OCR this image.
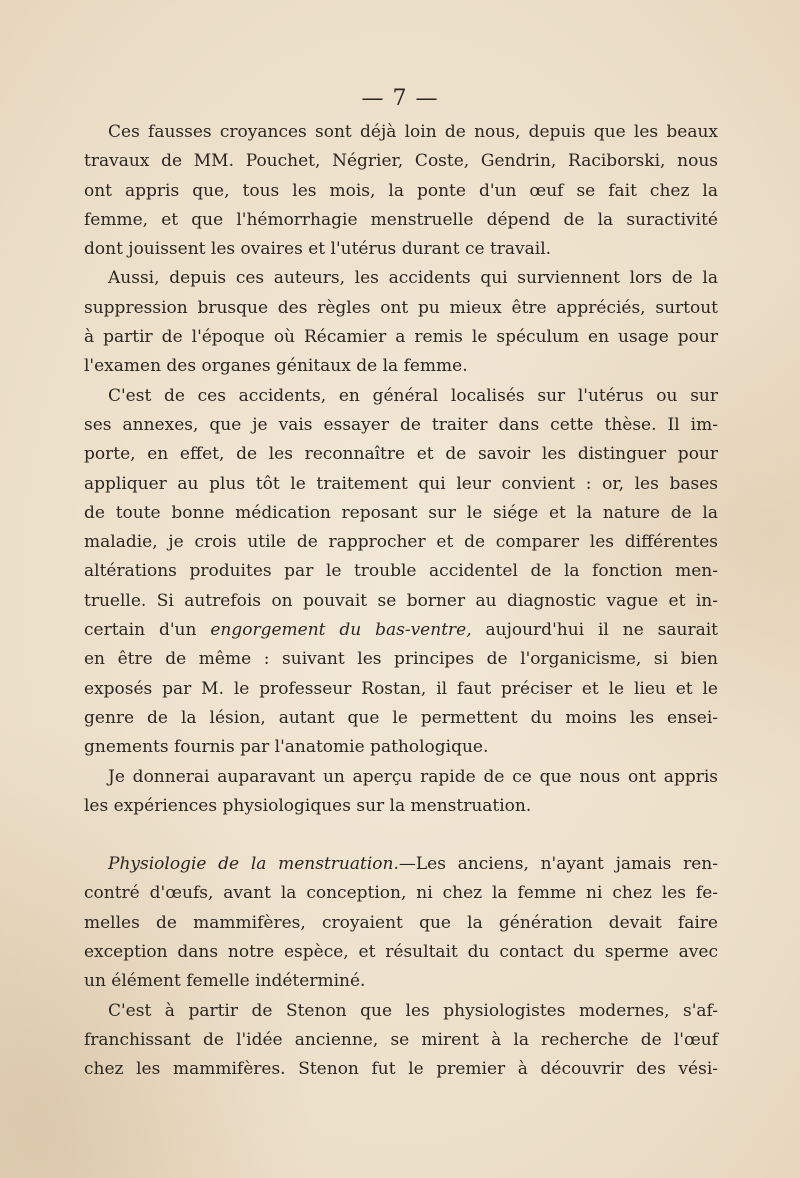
— 7 —

Ces fausses croyances sont déjà loin de nous, depuis que les beaux
travaux de MM. Pouchet, Négrier, Coste, Gendrin, Raciborski, nous
ont appris que, tous les mois, la ponte d'un œuf se fait chez la
femme, et que l'hémorrhagie menstruelle dépend de la suractivité
dont jouissent les ovaires et l'utérus durant ce travail.

Aussi, depuis ces auteurs, les accidents qui surviennent lors de la
suppression brusque des règles ont pu mieux être appréciés, surtout
à partir de l'époque où Récamier a remis le spéculum en usage pour
l'examen des organes génitaux de la femme.

C'est de ces accidents, en général localisés sur l'utérus ou sur
ses annexes, que je vais essayer de traiter dans cette thèse. Il im-
porte, en effet, de les reconnaître et de savoir les distinguer pour
appliquer au plus tôt le traitement qui leur convient : or, les bases
de toute bonne médication reposant sur le siége et la nature de la
maladie, je crois utile de rapprocher et de comparer les différentes
altérations produites par le trouble accidentel de la fonction men-
truelle. Si autrefois on pouvait se borner au diagnostic vague et in-
certain d'un engorgement du bas-ventre, aujourd'hui il ne saurait
en être de même : suivant les principes de l'organicisme, si bien
exposés par M. le professeur Rostan, il faut préciser et le lieu et le
genre de la lésion, autant que le permettent du moins les ensei-
gnements fournis par l'anatomie pathologique.

Je donnerai auparavant un aperçu rapide de ce que nous ont appris
les expériences physiologiques sur la menstruation.

Physiologie de la menstruation.—Les anciens, n'ayant jamais ren-
contré d'œufs, avant la conception, ni chez la femme ni chez les fe-
melles de mammifères, croyaient que la génération devait faire
exception dans notre espèce, et résultait du contact du sperme avec
un élément femelle indéterminé.

C'est à partir de Stenon que les physiologistes modernes, s'af-
franchissant de l'idée ancienne, se mirent à la recherche de l'œuf
chez les mammifères. Stenon fut le premier à découvrir des vési-
